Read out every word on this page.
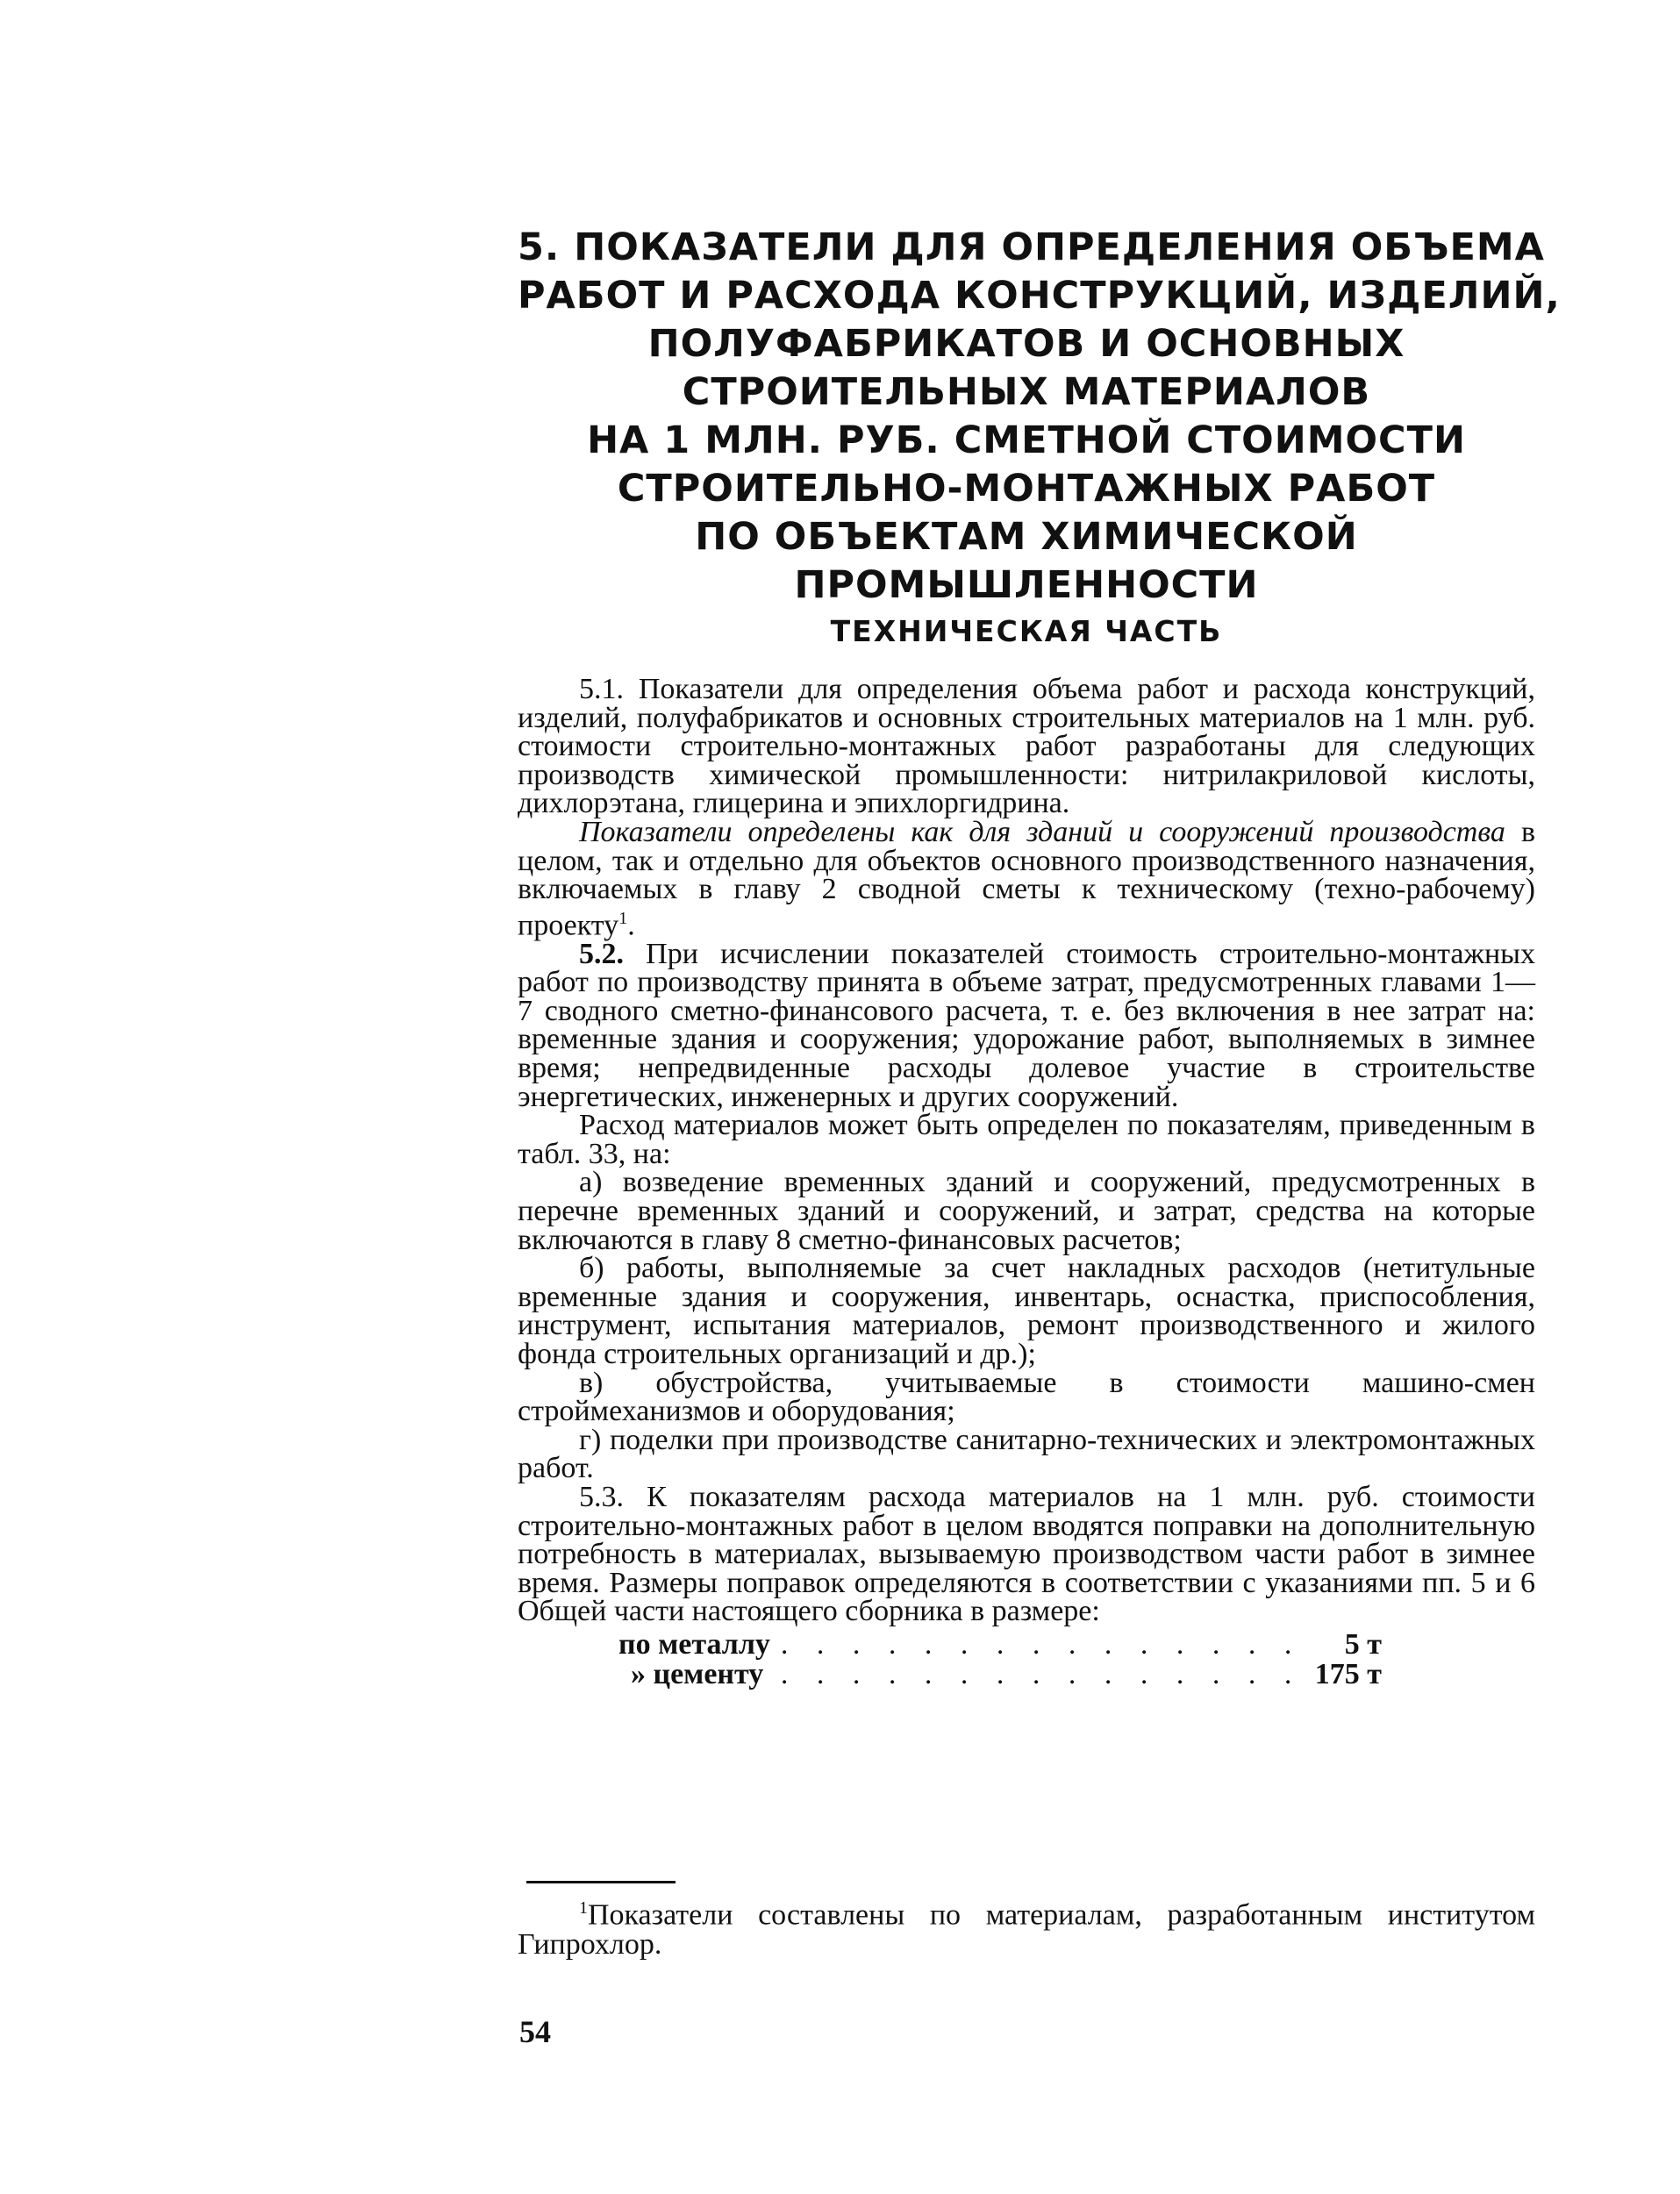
5. ПОКАЗАТЕЛИ ДЛЯ ОПРЕДЕЛЕНИЯ ОБЪЕМА
РАБОТ И РАСХОДА КОНСТРУКЦИЙ, ИЗДЕЛИЙ,
ПОЛУФАБРИКАТОВ И ОСНОВНЫХ
СТРОИТЕЛЬНЫХ МАТЕРИАЛОВ
НА 1 МЛН. РУБ. СМЕТНОЙ СТОИМОСТИ
СТРОИТЕЛЬНО-МОНТАЖНЫХ РАБОТ
ПО ОБЪЕКТАМ ХИМИЧЕСКОЙ
ПРОМЫШЛЕННОСТИ
ТЕХНИЧЕСКАЯ ЧАСТЬ
5.1. Показатели для определения объема работ и расхода конструкций, изделий, полуфабрикатов и основных строительных материалов на 1 млн. руб. стоимости строительно-монтажных работ разработаны для следующих производств химической промышленности: нитрилакриловой кислоты, дихлорэтана, глицерина и эпихлоргидрина.
Показатели определены как для зданий и сооружений производства в целом, так и отдельно для объектов основного производственного назначения, включаемых в главу 2 сводной сметы к техническому (техно-рабочему) проекту$^1$.
5.2. При исчислении показателей стоимость строительно-монтажных работ по производству принята в объеме затрат, предусмотренных главами 1—7 сводного сметно-финансового расчета, т. е. без включения в нее затрат на: временные здания и сооружения; удорожание работ, выполняемых в зимнее время; непредвиденные расходы долевое участие в строительстве энергетических, инженерных и других сооружений.
Расход материалов может быть определен по показателям, приведенным в табл. 33, на:
а) возведение временных зданий и сооружений, предусмотренных в перечне временных зданий и сооружений, и затрат, средства на которые включаются в главу 8 сметно-финансовых расчетов;
б) работы, выполняемые за счет накладных расходов (нетитульные временные здания и сооружения, инвентарь, оснастка, приспособления, инструмент, испытания материалов, ремонт производственного и жилого фонда строительных организаций и др.);
в) обустройства, учитываемые в стоимости машино-смен строймеханизмов и оборудования;
г) поделки при производстве санитарно-технических и электромонтажных работ.
5.3. К показателям расхода материалов на 1 млн. руб. стоимости строительно-монтажных работ в целом вводятся поправки на дополнительную потребность в материалах, вызываемую производством части работ в зимнее время. Размеры поправок определяются в соответствии с указаниями пп. 5 и 6 Общей части настоящего сборника в размере:
по металлу	. . . . . . . . . . . . . . .	5 т
» цементу	. . . . . . . . . . . . . . .	175 т
$^1$Показатели составлены по материалам, разработанным институтом Гипрохлор.
54
